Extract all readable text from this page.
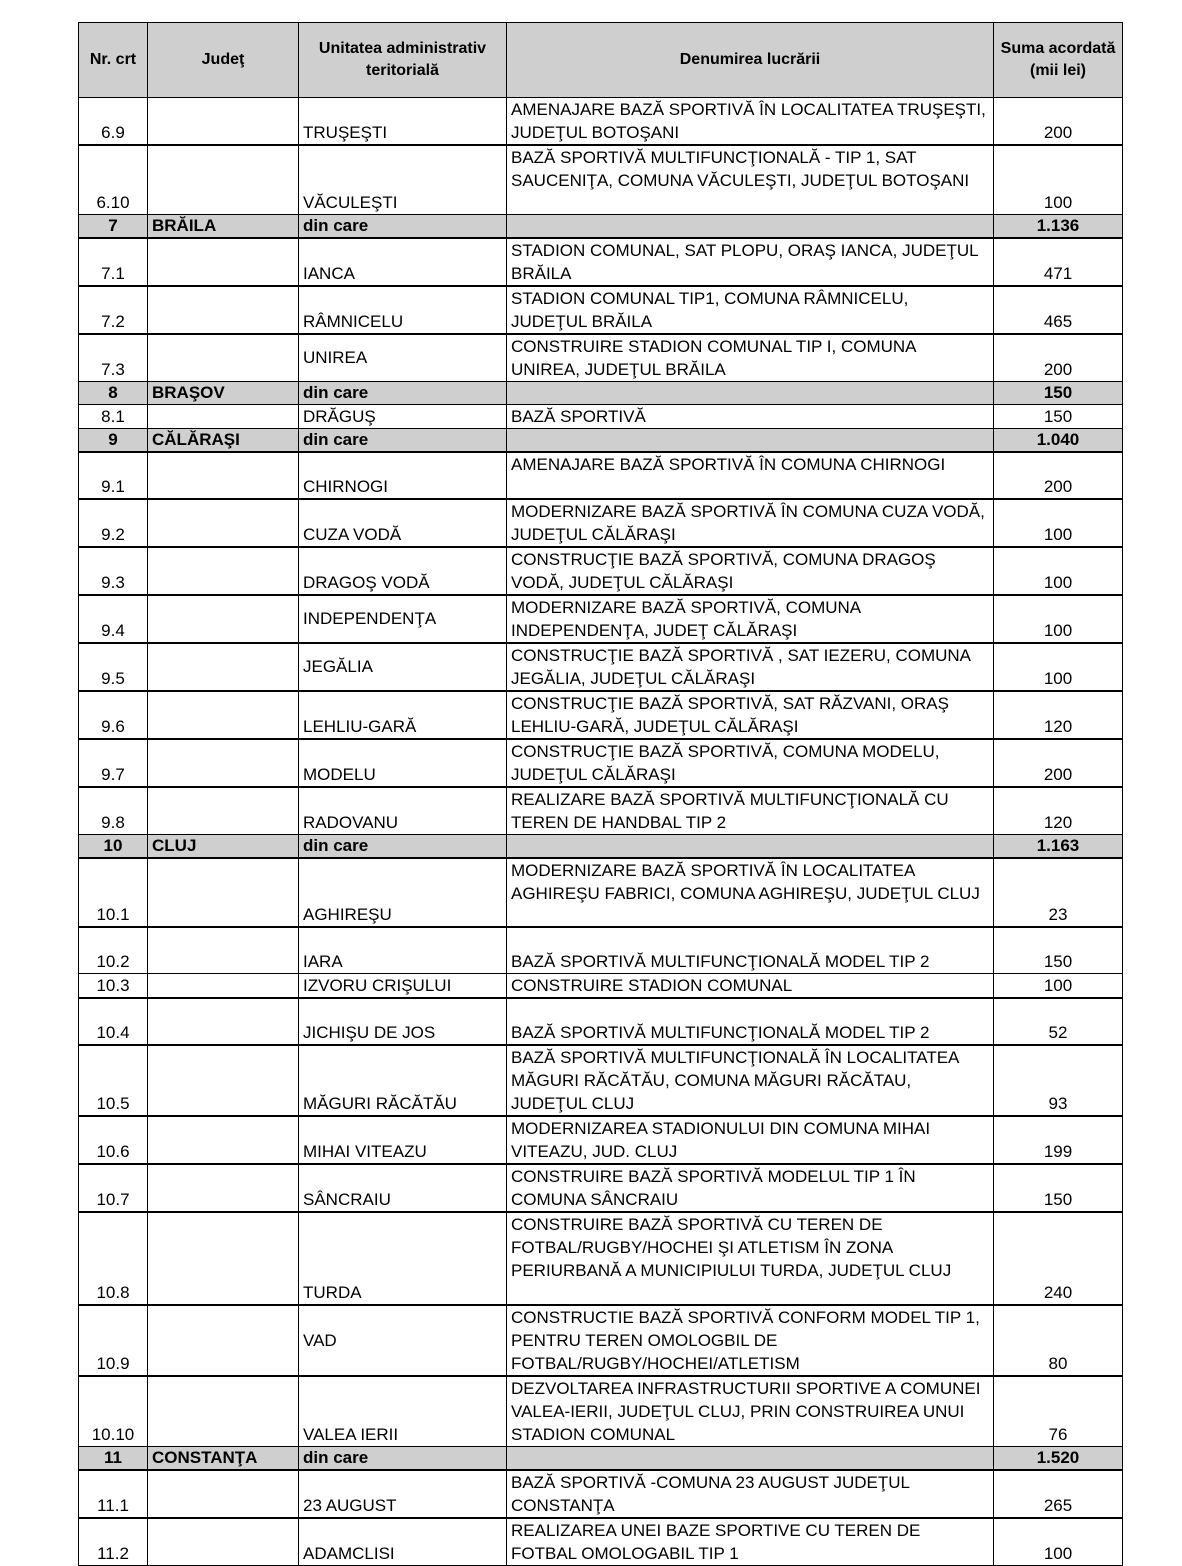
Nr. crt	Judeţ	Unitatea administrativ teritorială	Denumirea lucrării	Suma acordată (mii lei)
6.9		TRUŞEŞTI	AMENAJARE BAZĂ SPORTIVĂ ÎN LOCALITATEA TRUŞEŞTI, JUDEŢUL BOTOŞANI	200
6.10		VĂCULEŞTI	BAZĂ SPORTIVĂ MULTIFUNCŢIONALĂ - TIP 1, SAT SAUCENIŢA, COMUNA VĂCULEŞTI, JUDEŢUL BOTOŞANI	100
7	BRĂILA	din care		1.136
7.1		IANCA	STADION COMUNAL, SAT PLOPU, ORAŞ IANCA, JUDEŢUL BRĂILA	471
7.2		RÂMNICELU	STADION COMUNAL TIP1, COMUNA RÂMNICELU, JUDEŢUL BRĂILA	465
7.3		UNIREA	CONSTRUIRE STADION COMUNAL TIP I, COMUNA UNIREA, JUDEŢUL BRĂILA	200
8	BRAŞOV	din care		150
8.1		DRĂGUŞ	BAZĂ SPORTIVĂ	150
9	CĂLĂRAŞI	din care		1.040
9.1		CHIRNOGI	AMENAJARE BAZĂ SPORTIVĂ ÎN COMUNA CHIRNOGI	200
9.2		CUZA VODĂ	MODERNIZARE BAZĂ SPORTIVĂ ÎN COMUNA CUZA VODĂ, JUDEŢUL CĂLĂRAŞI	100
9.3		DRAGOŞ VODĂ	CONSTRUCŢIE BAZĂ SPORTIVĂ, COMUNA DRAGOŞ VODĂ, JUDEŢUL CĂLĂRAŞI	100
9.4		INDEPENDENŢA	MODERNIZARE BAZĂ SPORTIVĂ, COMUNA INDEPENDENŢA, JUDEŢ CĂLĂRAŞI	100
9.5		JEGĂLIA	CONSTRUCŢIE BAZĂ SPORTIVĂ , SAT IEZERU, COMUNA JEGĂLIA, JUDEŢUL CĂLĂRAŞI	100
9.6		LEHLIU-GARĂ	CONSTRUCŢIE BAZĂ SPORTIVĂ, SAT RĂZVANI, ORAŞ LEHLIU-GARĂ, JUDEŢUL CĂLĂRAŞI	120
9.7		MODELU	CONSTRUCŢIE BAZĂ SPORTIVĂ, COMUNA MODELU, JUDEŢUL CĂLĂRAŞI	200
9.8		RADOVANU	REALIZARE BAZĂ SPORTIVĂ MULTIFUNCŢIONALĂ CU TEREN DE HANDBAL TIP 2	120
10	CLUJ	din care		1.163
10.1		AGHIREŞU	MODERNIZARE BAZĂ SPORTIVĂ ÎN LOCALITATEA AGHIREŞU FABRICI, COMUNA AGHIREŞU, JUDEŢUL CLUJ	23
10.2		IARA	BAZĂ SPORTIVĂ MULTIFUNCŢIONALĂ MODEL TIP 2	150
10.3		IZVORU CRIŞULUI	CONSTRUIRE STADION COMUNAL	100
10.4		JICHIŞU DE JOS	BAZĂ SPORTIVĂ MULTIFUNCŢIONALĂ MODEL TIP 2	52
10.5		MĂGURI RĂCĂTĂU	BAZĂ SPORTIVĂ MULTIFUNCŢIONALĂ ÎN LOCALITATEA MĂGURI RĂCĂTĂU, COMUNA MĂGURI RĂCĂTAU, JUDEŢUL CLUJ	93
10.6		MIHAI VITEAZU	MODERNIZAREA STADIONULUI DIN COMUNA MIHAI VITEAZU, JUD. CLUJ	199
10.7		SÂNCRAIU	CONSTRUIRE BAZĂ SPORTIVĂ MODELUL TIP 1 ÎN COMUNA SÂNCRAIU	150
10.8		TURDA	CONSTRUIRE BAZĂ SPORTIVĂ CU TEREN DE FOTBAL/RUGBY/HOCHEI ŞI ATLETISM ÎN ZONA PERIURBANĂ A MUNICIPIULUI TURDA, JUDEŢUL CLUJ	240
10.9		VAD	CONSTRUCTIE BAZĂ SPORTIVĂ CONFORM MODEL TIP 1, PENTRU TEREN OMOLOGBIL DE FOTBAL/RUGBY/HOCHEI/ATLETISM	80
10.10		VALEA IERII	DEZVOLTAREA INFRASTRUCTURII SPORTIVE A COMUNEI VALEA-IERII, JUDEŢUL CLUJ, PRIN CONSTRUIREA UNUI STADION COMUNAL	76
11	CONSTANŢA	din care		1.520
11.1		23 AUGUST	BAZĂ SPORTIVĂ -COMUNA 23 AUGUST JUDEŢUL CONSTANŢA	265
11.2		ADAMCLISI	REALIZAREA UNEI BAZE SPORTIVE CU TEREN DE FOTBAL OMOLOGABIL TIP 1	100
